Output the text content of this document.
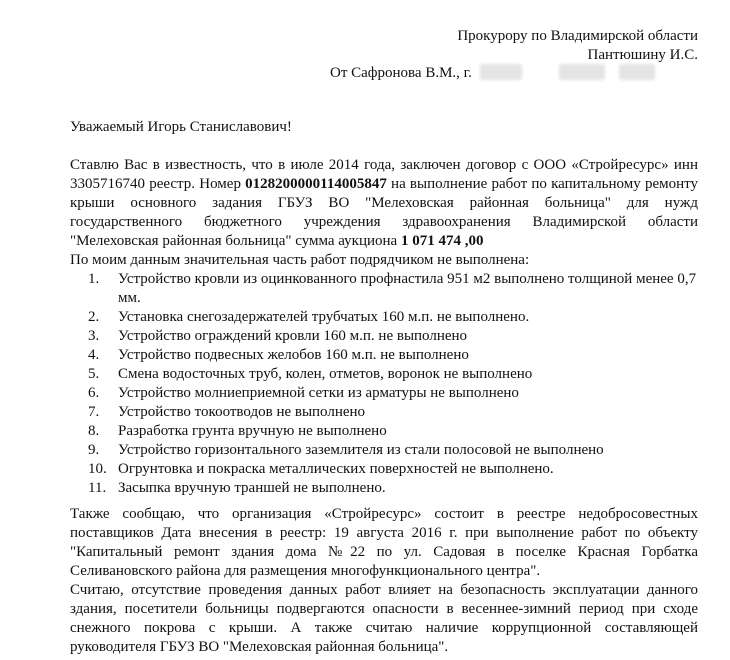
Прокурору по Владимирской области
Пантюшину И.С.
От Сафронова В.М., г.
Уважаемый Игорь Станиславович!
Ставлю Вас в известность, что в июле 2014 года, заключен договор с ООО «Стройресурс» инн 3305716740 реестр. Номер 0128200000114005847 на выполнение работ по капитальному ремонту крыши основного задания ГБУЗ ВО "Мелеховская районная больница" для нужд государственного бюджетного учреждения здравоохранения Владимирской области "Мелеховская районная больница" сумма аукциона 1 071 474 ,00
По моим данным значительная часть работ подрядчиком не выполнена:
1. Устройство кровли из оцинкованного профнастила 951 м2 выполнено толщиной менее 0,7 мм.
2. Установка снегозадержателей трубчатых 160 м.п. не выполнено.
3. Устройство ограждений кровли 160 м.п. не выполнено
4. Устройство подвесных желобов 160 м.п. не выполнено
5. Смена водосточных труб, колен, отметов, воронок не выполнено
6. Устройство молниеприемной сетки из арматуры не выполнено
7. Устройство токоотводов не выполнено
8. Разработка грунта вручную не выполнено
9. Устройство горизонтального заземлителя из стали полосовой не выполнено
10. Огрунтовка и покраска металлических поверхностей не выполнено.
11. Засыпка вручную траншей не выполнено.
Также сообщаю, что организация «Стройресурс» состоит в реестре недобросовестных поставщиков Дата внесения в реестр: 19 августа 2016 г. при выполнение работ по объекту "Капитальный ремонт здания дома №22 по ул. Садовая в поселке Красная Горбатка Селивановского района для размещения многофункционального центра".
Считаю, отсутствие проведения данных работ влияет на безопасность эксплуатации данного здания, посетители больницы подвергаются опасности в весеннее-зимний период при сходе снежного покрова с крыши. А также считаю наличие коррупционной составляющей руководителя ГБУЗ ВО "Мелеховская районная больница".
